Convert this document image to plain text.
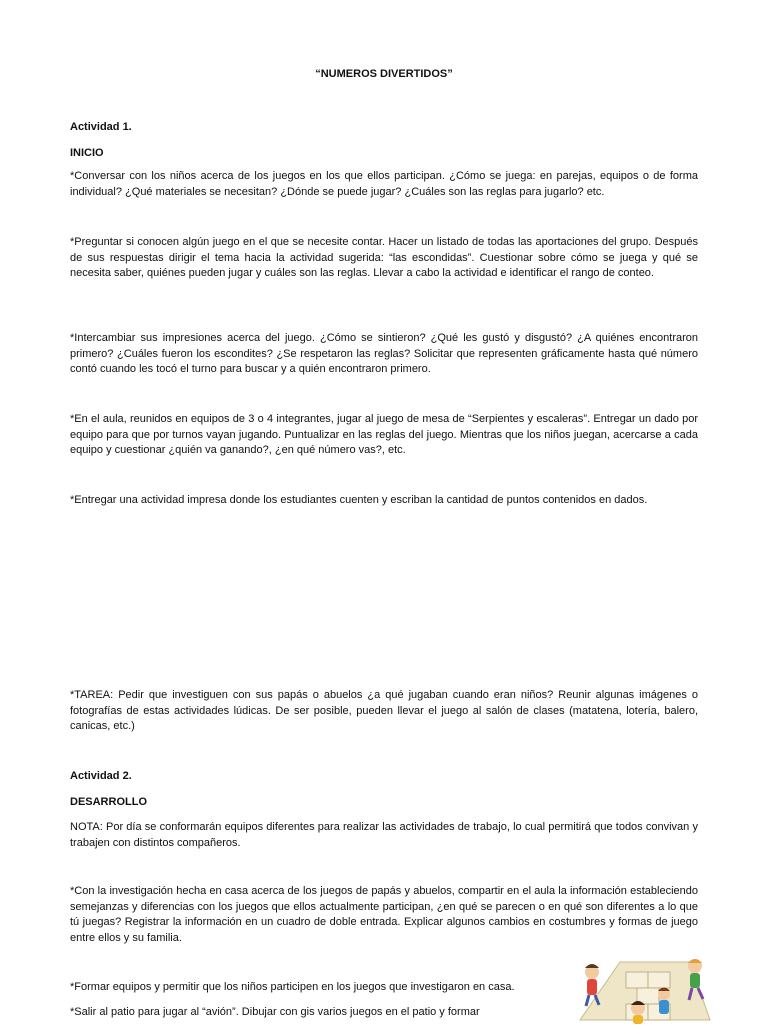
“NUMEROS DIVERTIDOS”
Actividad 1.
INICIO
*Conversar con los niños acerca de los juegos en los que ellos participan. ¿Cómo se juega: en parejas, equipos o de forma individual? ¿Qué materiales se necesitan? ¿Dónde se puede jugar? ¿Cuáles son las reglas para jugarlo? etc.
*Preguntar si conocen algún juego en el que se necesite contar. Hacer un listado de todas las aportaciones del grupo. Después de sus respuestas dirigir el tema hacia la actividad sugerida: “las escondidas”. Cuestionar sobre cómo se juega y qué se necesita saber, quiénes pueden jugar y cuáles son las reglas. Llevar a cabo la actividad e identificar el rango de conteo.
*Intercambiar sus impresiones acerca del juego. ¿Cómo se sintieron? ¿Qué les gustó y disgustó? ¿A quiénes encontraron primero? ¿Cuáles fueron los escondites? ¿Se respetaron las reglas? Solicitar que representen gráficamente hasta qué número contó cuando les tocó el turno para buscar y a quién encontraron primero.
*En el aula, reunidos en equipos de 3 o 4 integrantes, jugar al juego de mesa de “Serpientes y escaleras”. Entregar un dado por equipo para que por turnos vayan jugando. Puntualizar en las reglas del juego. Mientras que los niños juegan, acercarse a cada equipo y cuestionar ¿quién va ganando?, ¿en qué número vas?, etc.
*Entregar una actividad impresa donde los estudiantes cuenten y escriban la cantidad de puntos contenidos en dados.
*TAREA: Pedir que investiguen con sus papás o abuelos ¿a qué jugaban cuando eran niños? Reunir algunas imágenes o fotografías de estas actividades lúdicas. De ser posible, pueden llevar el juego al salón de clases (matatena, lotería, balero, canicas, etc.)
Actividad 2.
DESARROLLO
NOTA: Por día se conformarán equipos diferentes para realizar las actividades de trabajo, lo cual permitirá que todos convivan y trabajen con distintos compañeros.
*Con la investigación hecha en casa acerca de los juegos de papás y abuelos, compartir en el aula la información estableciendo semejanzas y diferencias con los juegos que ellos actualmente participan, ¿en qué se parecen o en qué son diferentes a lo que tú juegas? Registrar la información en un cuadro de doble entrada. Explicar algunos cambios en costumbres y formas de juego entre ellos y su familia.
*Formar equipos y permitir que los niños participen en los juegos que investigaron en casa.
*Salir al patio para jugar al “avión”. Dibujar con gis varios juegos en el patio y formar
